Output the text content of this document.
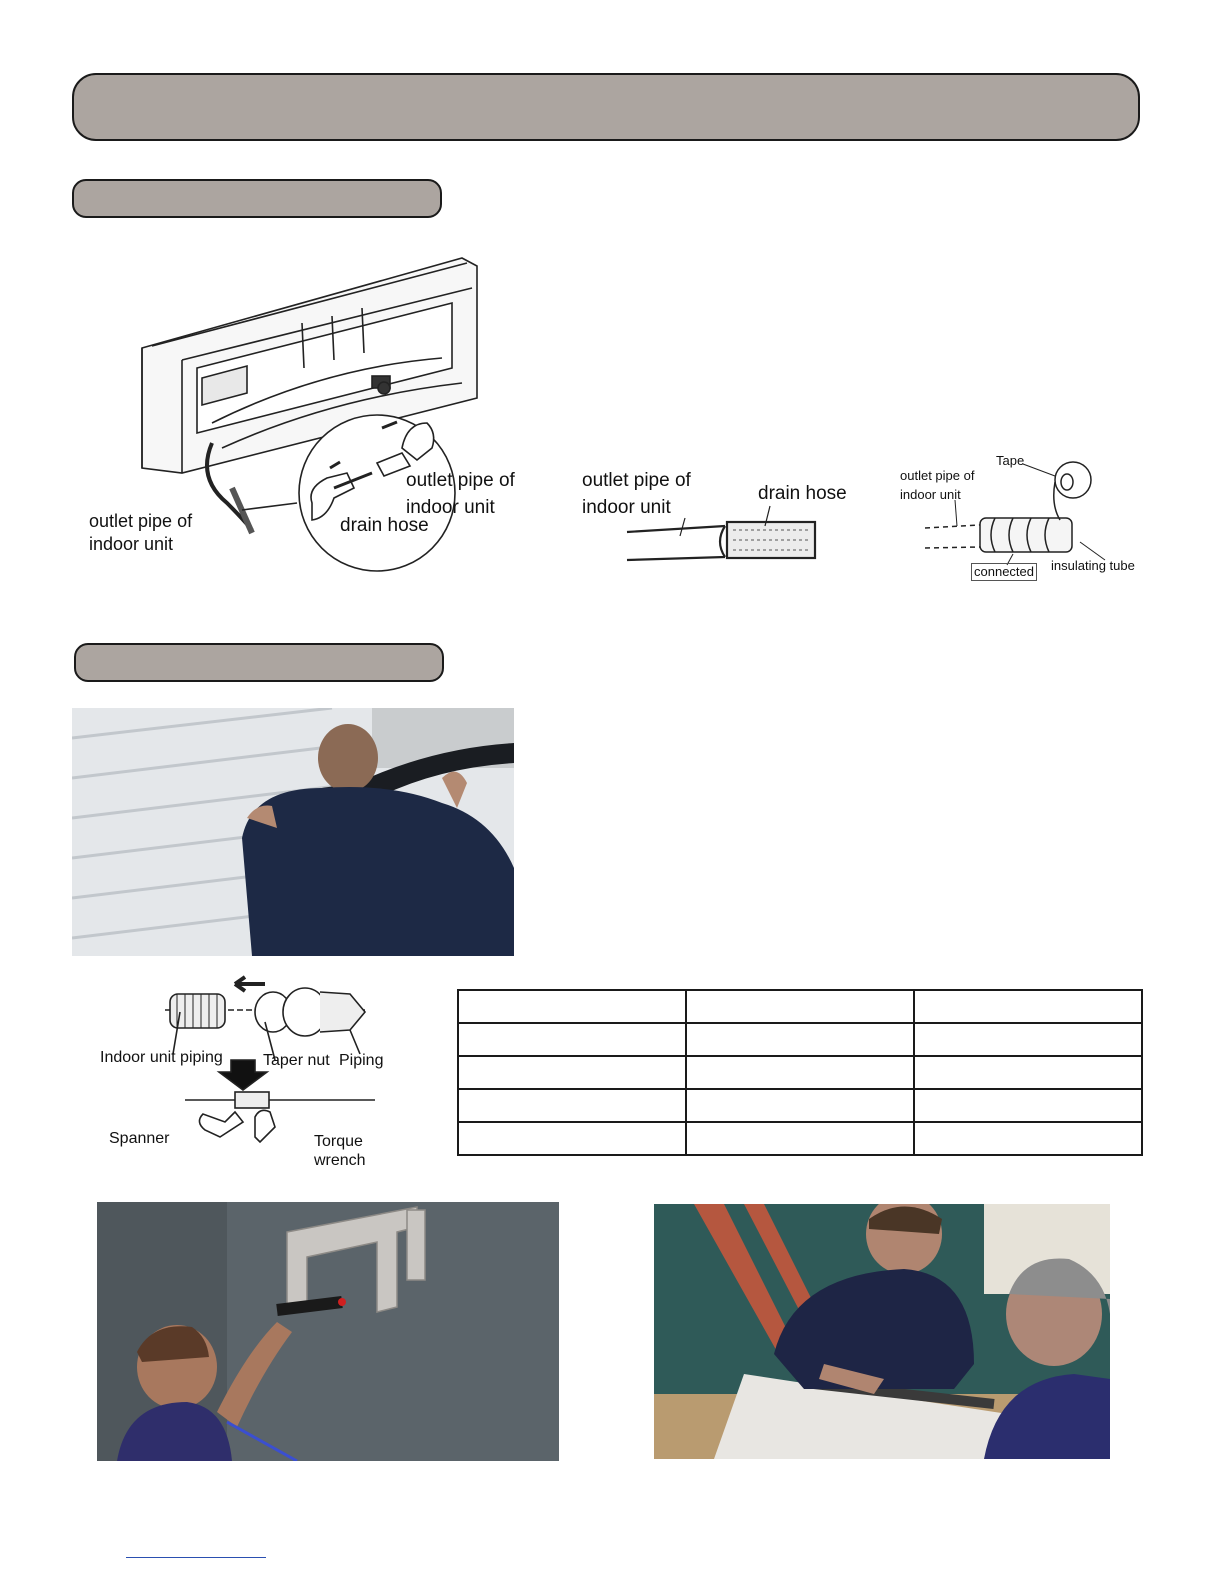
outlet pipe of
indoor unit
outlet pipe of
indoor unit
drain hose
outlet pipe of
indoor unit
drain hose
Tape
outlet pipe of
indoor unit
connected insulating tube
Indoor unit piping	Taper nut Piping
Spanner	Torque
wrench
